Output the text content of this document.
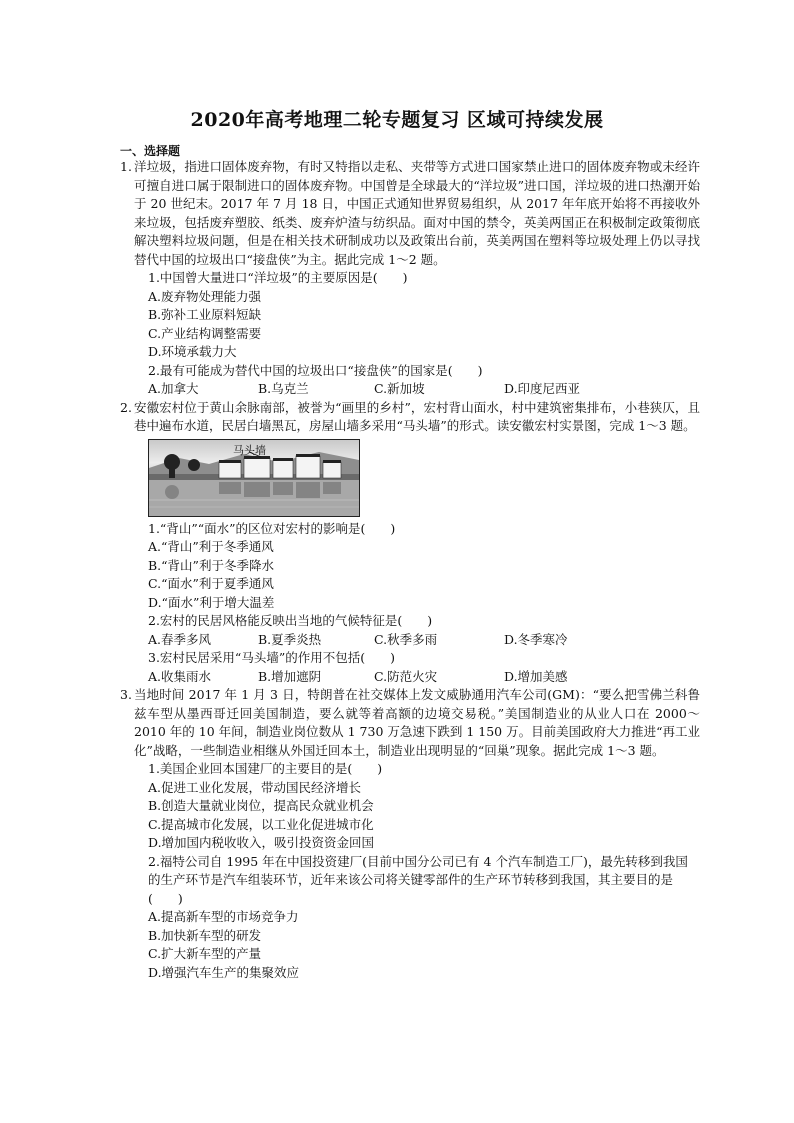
2020年高考地理二轮专题复习 区域可持续发展
一、选择题
1. 洋垃圾，指进口固体废弃物，有时又特指以走私、夹带等方式进口国家禁止进口的固体废弃物或未经许可擅自进口属于限制进口的固体废弃物。中国曾是全球最大的“洋垃圾”进口国，洋垃圾的进口热潮开始于 20 世纪末。2017 年 7 月 18 日，中国正式通知世界贸易组织，从 2017 年年底开始将不再接收外来垃圾，包括废弃塑胶、纸类、废弃炉渣与纺织品。面对中国的禁令，英美两国正在积极制定政策彻底解决塑料垃圾问题，但是在相关技术研制成功以及政策出台前，英美两国在塑料等垃圾处理上仍以寻找替代中国的垃圾出口“接盘侠”为主。据此完成 1～2 题。
1.中国曾大量进口“洋垃圾”的主要原因是(　　)
A.废弃物处理能力强
B.弥补工业原料短缺
C.产业结构调整需要
D.环境承载力大
2.最有可能成为替代中国的垃圾出口“接盘侠”的国家是(　　)
A.加拿大	B.乌克兰	C.新加坡	D.印度尼西亚
2. 安徽宏村位于黄山余脉南部，被誉为“画里的乡村”，宏村背山面水，村中建筑密集排布，小巷狭仄，且巷中遍布水道，民居白墙黑瓦，房屋山墙多采用“马头墙”的形式。读安徽宏村实景图，完成 1～3 题。
马头墙
1.“背山”“面水”的区位对宏村的影响是(　　)
A.“背山”利于冬季通风
B.“背山”利于冬季降水
C.“面水”利于夏季通风
D.“面水”利于增大温差
2.宏村的民居风格能反映出当地的气候特征是(　　)
A.春季多风	B.夏季炎热	C.秋季多雨	D.冬季寒冷
3.宏村民居采用“马头墙”的作用不包括(　　)
A.收集雨水	B.增加遮阴	C.防范火灾	D.增加美感
3. 当地时间 2017 年 1 月 3 日，特朗普在社交媒体上发文威胁通用汽车公司(GM)：“要么把雪佛兰科鲁兹车型从墨西哥迁回美国制造，要么就等着高额的边境交易税。”美国制造业的从业人口在 2000～2010 年的 10 年间，制造业岗位数从 1 730 万急速下跌到 1 150 万。目前美国政府大力推进“再工业化”战略，一些制造业相继从外国迁回本土，制造业出现明显的“回巢”现象。据此完成 1～3 题。
1.美国企业回本国建厂的主要目的是(　　)
A.促进工业化发展，带动国民经济增长
B.创造大量就业岗位，提高民众就业机会
C.提高城市化发展，以工业化促进城市化
D.增加国内税收收入，吸引投资资金回国
2.福特公司自 1995 年在中国投资建厂(目前中国分公司已有 4 个汽车制造工厂)，最先转移到我国的生产环节是汽车组装环节，近年来该公司将关键零部件的生产环节转移到我国，其主要目的是(　　)
A.提高新车型的市场竞争力
B.加快新车型的研发
C.扩大新车型的产量
D.增强汽车生产的集聚效应
